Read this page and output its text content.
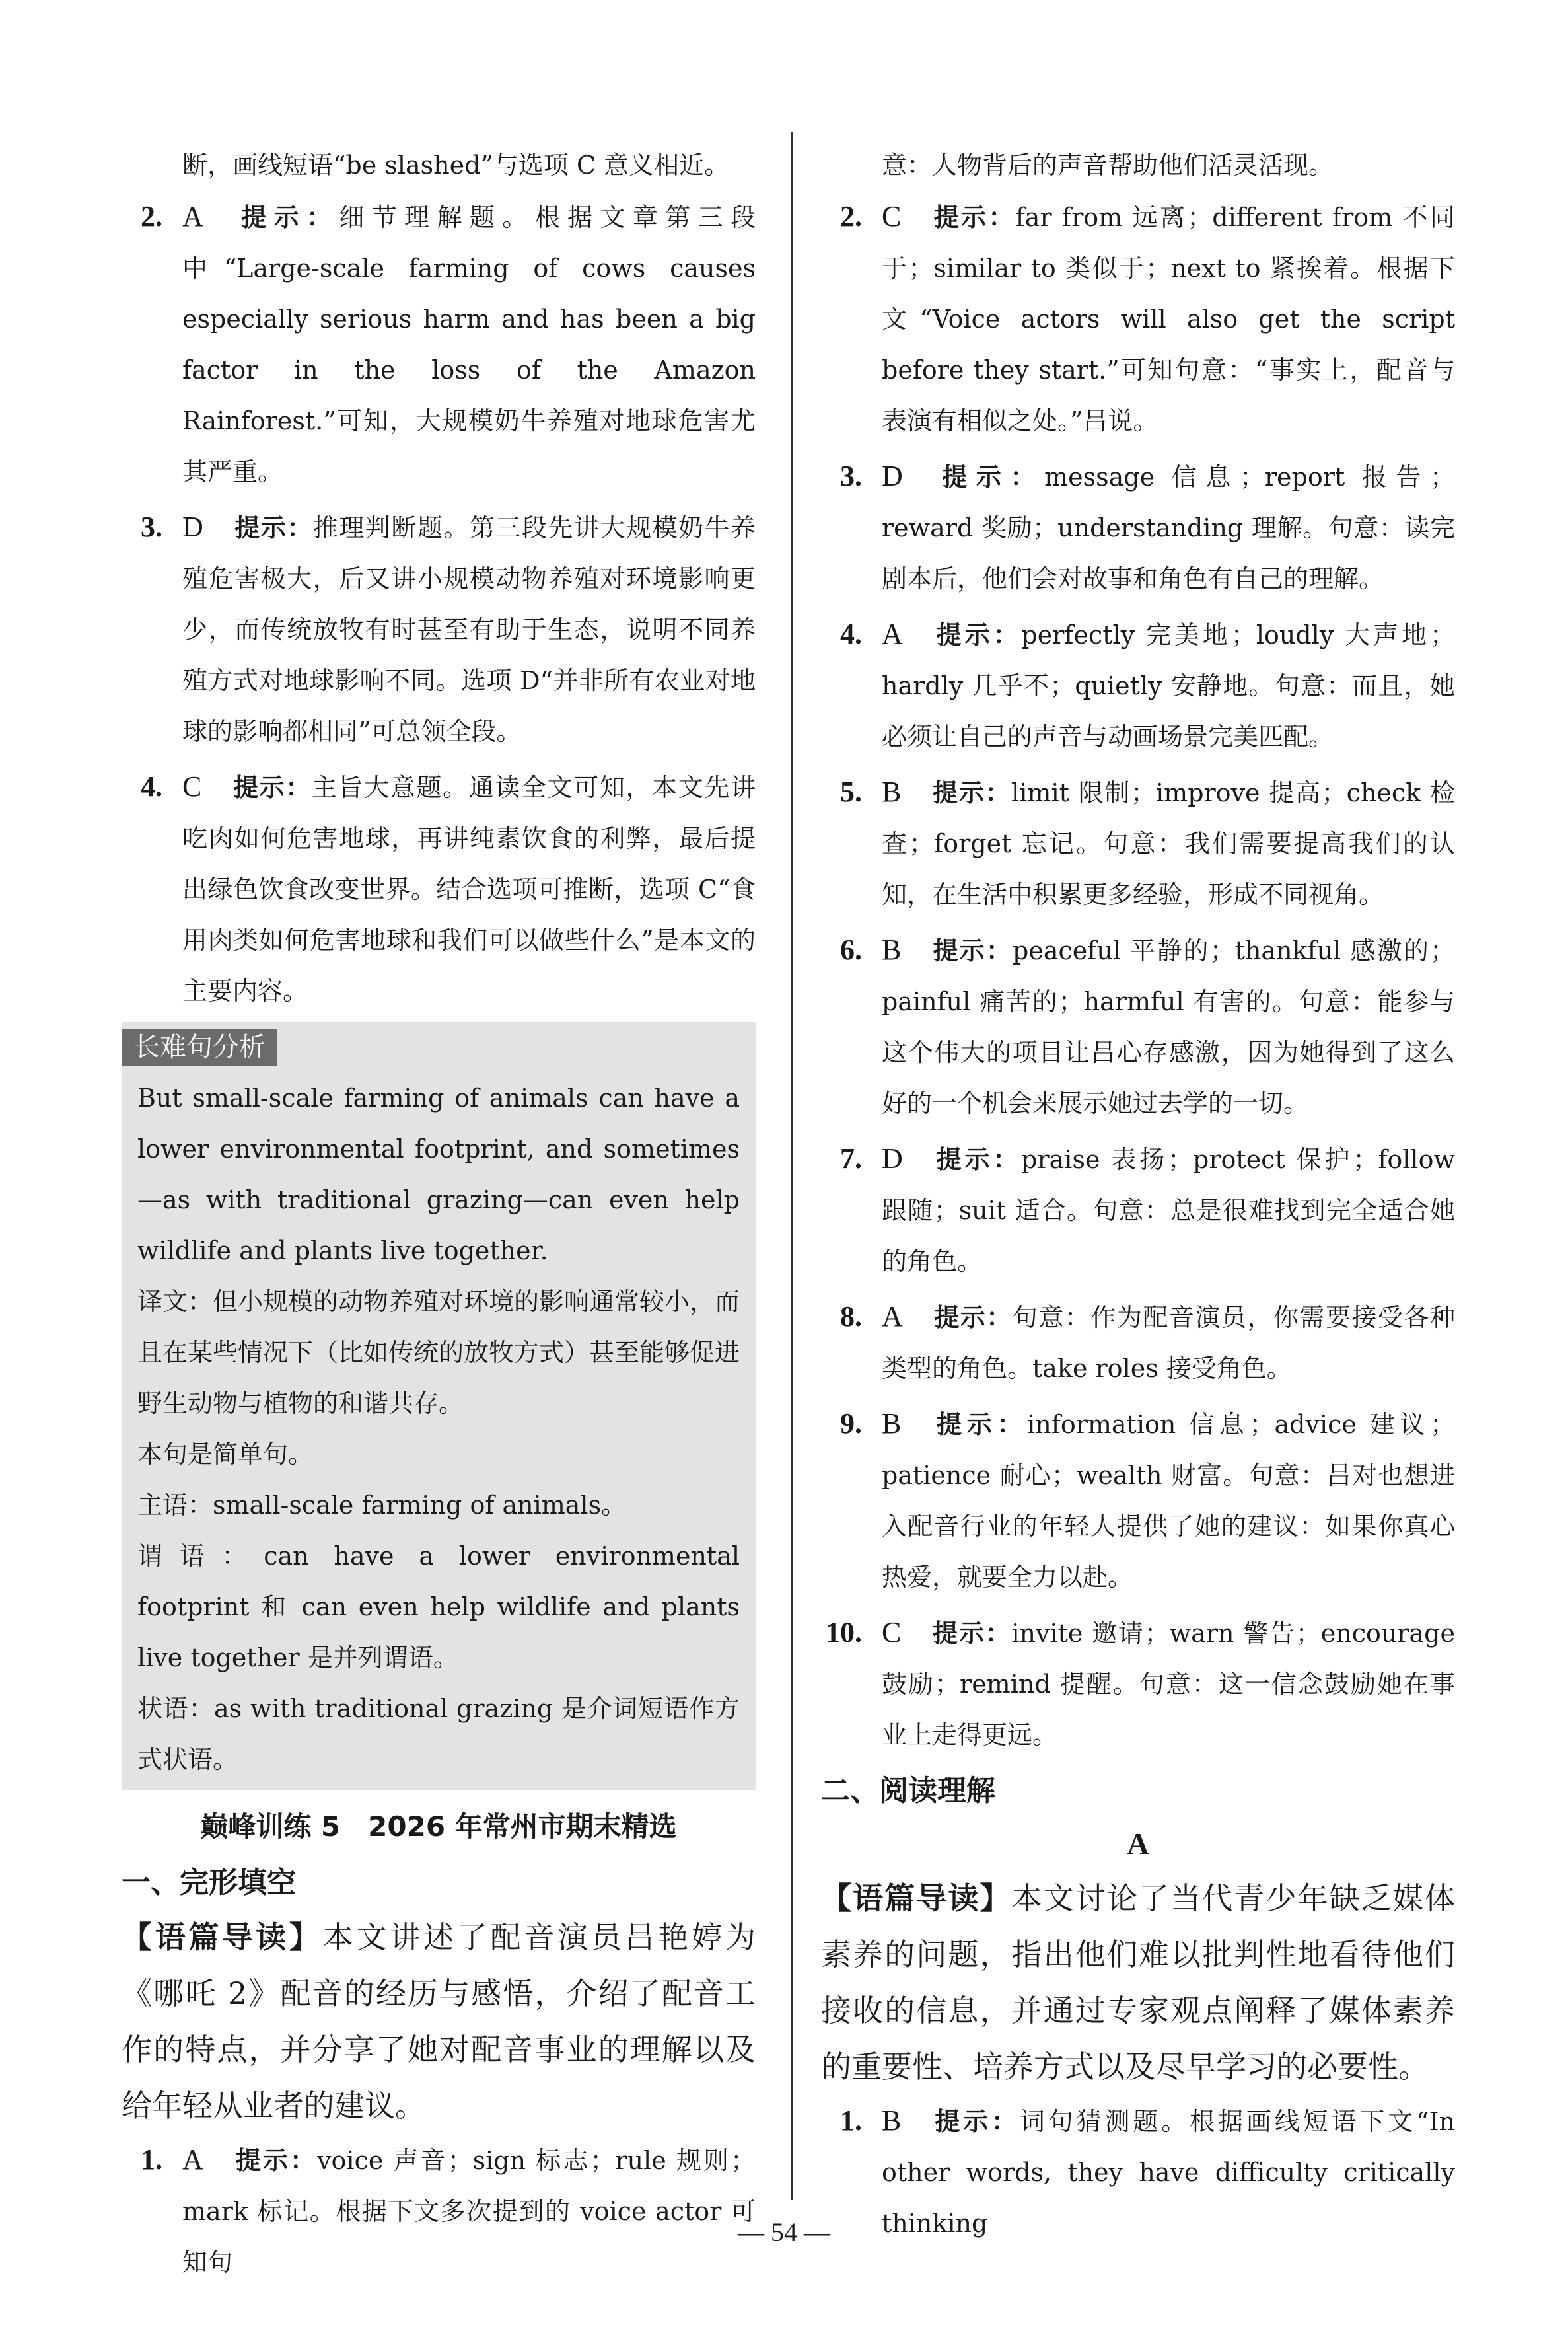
断，画线短语“be slashed”与选项 C 意义相近。
2. A 提示：细节理解题。根据文章第三段中“Large-scale farming of cows causes especially serious harm and has been a big factor in the loss of the Amazon Rainforest.”可知，大规模奶牛养殖对地球危害尤其严重。
3. D 提示：推理判断题。第三段先讲大规模奶牛养殖危害极大，后又讲小规模动物养殖对环境影响更少，而传统放牧有时甚至有助于生态，说明不同养殖方式对地球影响不同。选项 D“并非所有农业对地球的影响都相同”可总领全段。
4. C 提示：主旨大意题。通读全文可知，本文先讲吃肉如何危害地球，再讲纯素饮食的利弊，最后提出绿色饮食改变世界。结合选项可推断，选项 C“食用肉类如何危害地球和我们可以做些什么”是本文的主要内容。
长难句分析

But small-scale farming of animals can have a lower environmental footprint, and sometimes—as with traditional grazing—can even help wildlife and plants live together.

译文：但小规模的动物养殖对环境的影响通常较小，而且在某些情况下（比如传统的放牧方式）甚至能够促进野生动物与植物的和谐共存。

本句是简单句。

主语：small-scale farming of animals。

谓语：can have a lower environmental footprint 和 can even help wildlife and plants live together 是并列谓语。

状语：as with traditional grazing 是介词短语作方式状语。

巅峰训练 5　2026 年常州市期末精选
一、完形填空
【语篇导读】本文讲述了配音演员吕艳婷为《哪吒 2》配音的经历与感悟，介绍了配音工作的特点，并分享了她对配音事业的理解以及给年轻从业者的建议。
1. A 提示：voice 声音；sign 标志；rule 规则；mark 标记。根据下文多次提到的 voice actor 可知句
意：人物背后的声音帮助他们活灵活现。
2. C 提示：far from 远离；different from 不同于；similar to 类似于；next to 紧挨着。根据下文“Voice actors will also get the script before they start.”可知句意：“事实上，配音与表演有相似之处。”吕说。
3. D 提示：message 信息；report 报告；reward 奖励；understanding 理解。句意：读完剧本后，他们会对故事和角色有自己的理解。
4. A 提示：perfectly 完美地；loudly 大声地；hardly 几乎不；quietly 安静地。句意：而且，她必须让自己的声音与动画场景完美匹配。
5. B 提示：limit 限制；improve 提高；check 检查；forget 忘记。句意：我们需要提高我们的认知，在生活中积累更多经验，形成不同视角。
6. B 提示：peaceful 平静的；thankful 感激的；painful 痛苦的；harmful 有害的。句意：能参与这个伟大的项目让吕心存感激，因为她得到了这么好的一个机会来展示她过去学的一切。
7. D 提示：praise 表扬；protect 保护；follow 跟随；suit 适合。句意：总是很难找到完全适合她的角色。
8. A 提示：句意：作为配音演员，你需要接受各种类型的角色。take roles 接受角色。
9. B 提示：information 信息；advice 建议；patience 耐心；wealth 财富。句意：吕对也想进入配音行业的年轻人提供了她的建议：如果你真心热爱，就要全力以赴。
10. C 提示：invite 邀请；warn 警告；encourage 鼓励；remind 提醒。句意：这一信念鼓励她在事业上走得更远。
二、阅读理解
A
【语篇导读】本文讨论了当代青少年缺乏媒体素养的问题，指出他们难以批判性地看待他们接收的信息，并通过专家观点阐释了媒体素养的重要性、培养方式以及尽早学习的必要性。
1. B 提示：词句猜测题。根据画线短语下文“In other words, they have difficulty critically thinking
— 54 —
